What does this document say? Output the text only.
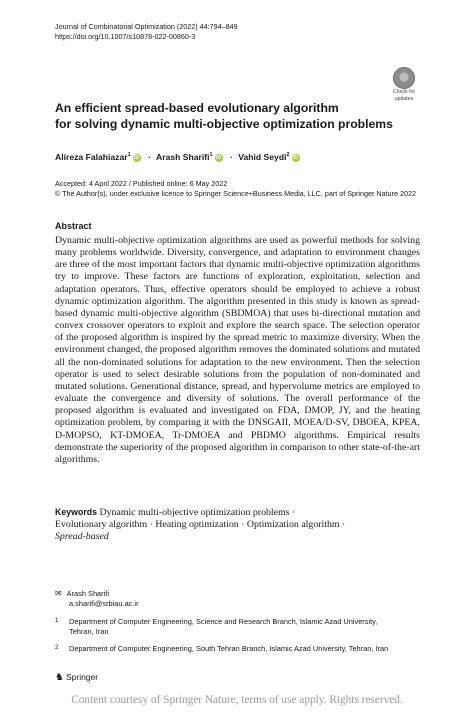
Journal of Combinatorial Optimization (2022) 44:794–849
https://doi.org/10.1007/s10878-022-00860-3
Check for
updates
An efficient spread-based evolutionary algorithm
for solving dynamic multi-objective optimization problems
Alireza Falahiazar$^1$ iD · Arash Sharifi$^1$ iD · Vahid Seydi$^2$ iD
Accepted: 4 April 2022 / Published online: 6 May 2022
© The Author(s), under exclusive licence to Springer Science+Business Media, LLC, part of Springer Nature 2022
Abstract

Dynamic multi-objective optimization algorithms are used as powerful methods for solving many problems worldwide. Diversity, convergence, and adaptation to environment changes are three of the most important factors that dynamic multi-objective optimization algorithms try to improve. These factors are functions of exploration, exploitation, selection and adaptation operators. Thus, effective operators should be employed to achieve a robust dynamic optimization algorithm. The algorithm presented in this study is known as spread-based dynamic multi-objective algorithm (SBDMOA) that uses bi-directional mutation and convex crossover operators to exploit and explore the search space. The selection operator of the proposed algorithm is inspired by the spread metric to maximize diversity. When the environment changed, the proposed algorithm removes the dominated solutions and mutated all the non-dominated solutions for adaptation to the new environment. Then the selection operator is used to select desirable solutions from the population of non-dominated and mutated solutions. Generational distance, spread, and hypervolume metrics are employed to evaluate the convergence and diversity of solutions. The overall performance of the proposed algorithm is evaluated and investigated on FDA, DMOP, JY, and the heating optimization problem, by comparing it with the DNSGAII, MOEA/D-SV, DBOEA, KPEA, D-MOPSO, KT-DMOEA, Tr-DMOEA and PBDMO algorithms. Empirical results demonstrate the superiority of the proposed algorithm in comparison to other state-of-the-art algorithms.

Keywords Dynamic multi-objective optimization problems ·
Evolutionary algorithm · Heating optimization · Optimization algorithm ·
Spread-based
✉ Arash Sharifi
a.sharifi@srbiau.ac.ir
1	Department of Computer Engineering, Science and Research Branch, Islamic Azad University,
Tehran, Iran
2	Department of Computer Engineering, South Tehran Branch, Islamic Azad University, Tehran, Iran
♞ Springer
Content courtesy of Springer Nature, terms of use apply. Rights reserved.
